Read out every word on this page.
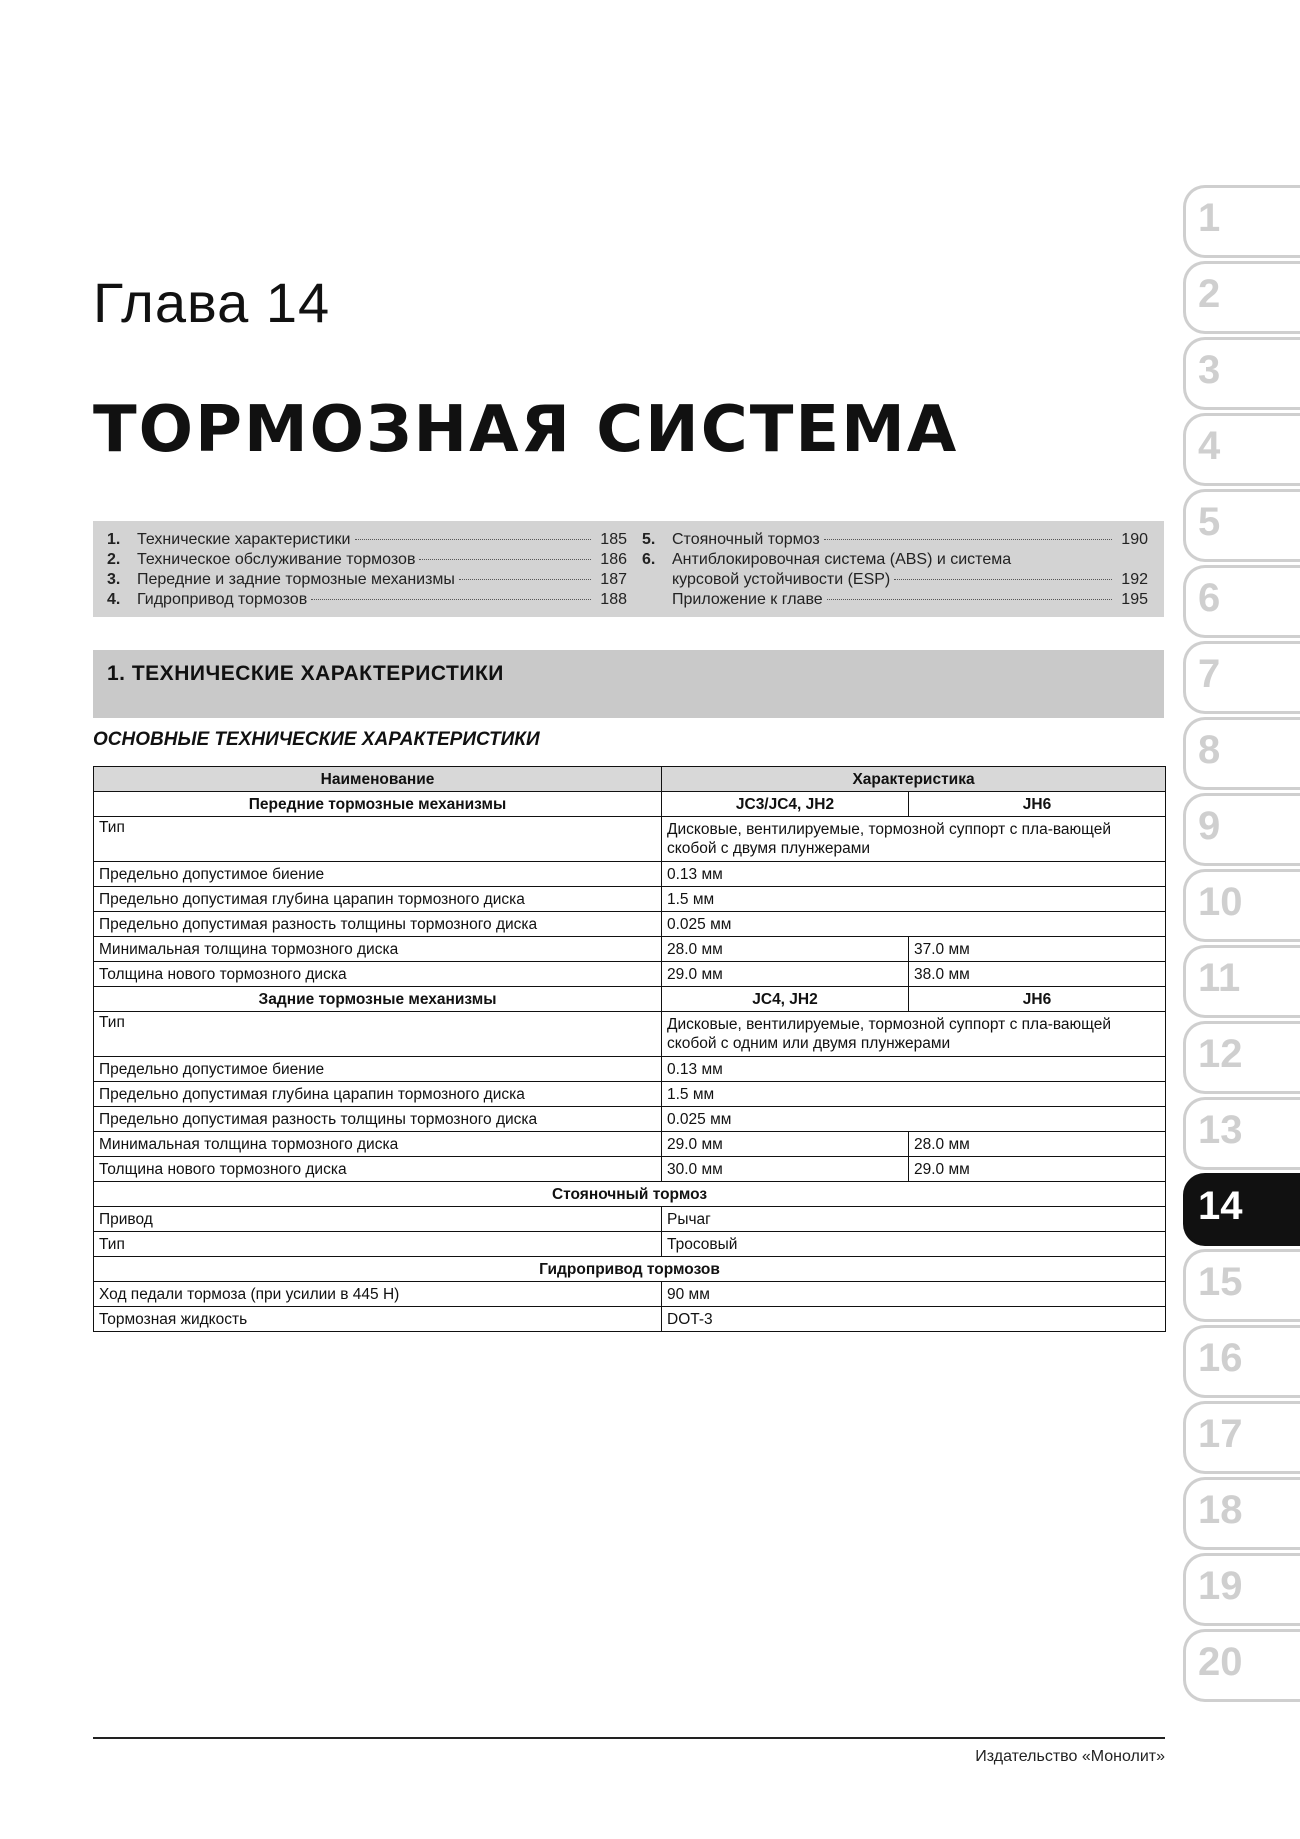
Глава 14
ТОРМОЗНАЯ СИСТЕМА
1.	Технические характеристики	185
2.	Техническое обслуживание тормозов	186
3.	Передние и задние тормозные механизмы	187
4.	Гидропривод тормозов	188
5.	Стояночный тормоз	190
6.	Антиблокировочная система (ABS) и система
курсовой устойчивости (ESP)	192
Приложение к главе	195
1. ТЕХНИЧЕСКИЕ ХАРАКТЕРИСТИКИ
ОСНОВНЫЕ ТЕХНИЧЕСКИЕ ХАРАКТЕРИСТИКИ
Наименование	Характеристика	
Передние тормозные механизмы	JC3/JC4, JH2	JH6
Тип	Дисковые, вентилируемые, тормозной суппорт с пла-вающей скобой с двумя плунжерами	
Предельно допустимое биение	0.13 мм	
Предельно допустимая глубина царапин тормозного диска	1.5 мм	
Предельно допустимая разность толщины тормозного диска	0.025 мм	
Минимальная толщина тормозного диска	28.0 мм	37.0 мм
Толщина нового тормозного диска	29.0 мм	38.0 мм
Задние тормозные механизмы	JC4, JH2	JH6
Тип	Дисковые, вентилируемые, тормозной суппорт с пла-вающей скобой с одним или двумя плунжерами	
Предельно допустимое биение	0.13 мм	
Предельно допустимая глубина царапин тормозного диска	1.5 мм	
Предельно допустимая разность толщины тормозного диска	0.025 мм	
Минимальная толщина тормозного диска	29.0 мм	28.0 мм
Толщина нового тормозного диска	30.0 мм	29.0 мм
Стояночный тормоз		
Привод	Рычаг	
Тип	Тросовый	
Гидропривод тормозов		
Ход педали тормоза (при усилии в 445 Н)	90 мм	
Тормозная жидкость	DOT-3	
1
2
3
4
5
6
7
8
9
10
11
12
13
14
15
16
17
18
19
20
Издательство «Монолит»
